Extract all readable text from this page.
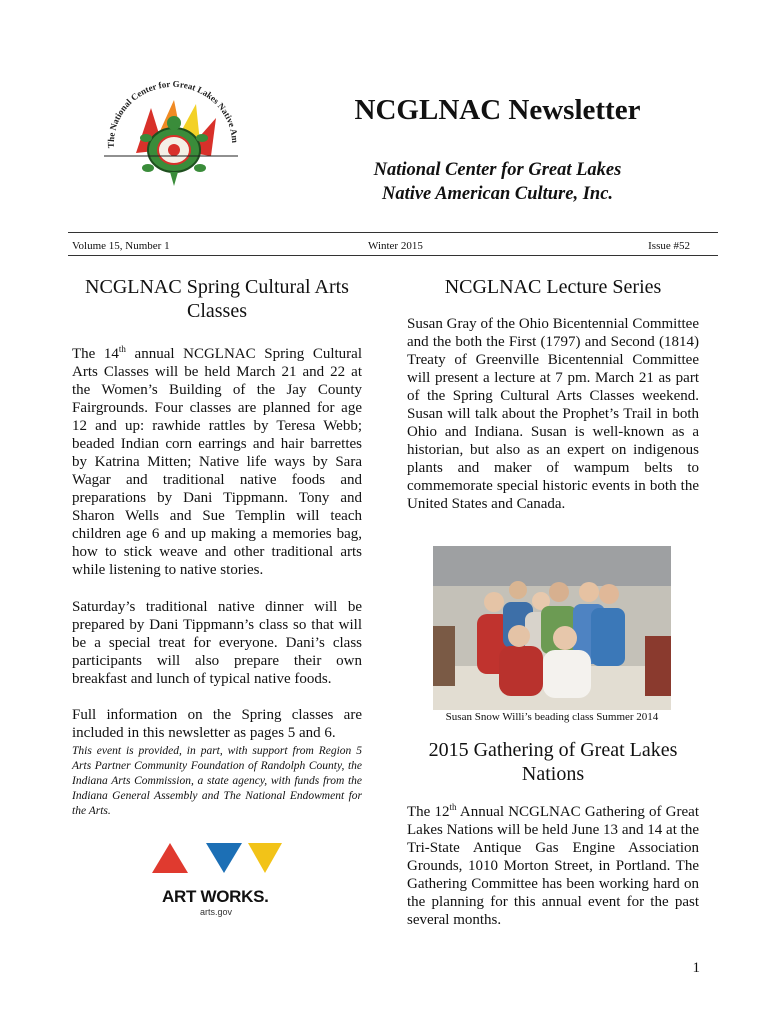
The National Center for Great Lakes Native Am
NCGLNAC Newsletter
National Center for Great Lakes
Native American Culture, Inc.
Volume 15, Number 1	Winter 2015	Issue #52
NCGLNAC Spring Cultural Arts Classes

The 14th annual NCGLNAC Spring Cultural Arts Classes will be held March 21 and 22 at the Women’s Building of the Jay County Fairgrounds. Four classes are planned for age 12 and up: rawhide rattles by Teresa Webb; beaded Indian corn earrings and hair barrettes by Katrina Mitten; Native life ways by Sara Wagar and traditional native foods and preparations by Dani Tippmann. Tony and Sharon Wells and Sue Templin will teach children age 6 and up making a memories bag, how to stick weave and other traditional arts while listening to native stories.

Saturday’s traditional native dinner will be prepared by Dani Tippmann’s class so that will be a special treat for everyone. Dani’s class participants will also prepare their own breakfast and lunch of typical native foods.

Full information on the Spring classes are included in this newsletter as pages 5 and 6.

This event is provided, in part, with support from Region 5 Arts Partner Community Foundation of Randolph County, the Indiana Arts Commission, a state agency, with funds from the Indiana General Assembly and The National Endowment for the Arts.

ART WORKS.
arts.gov
NCGLNAC Lecture Series

Susan Gray of the Ohio Bicentennial Committee and the both the First (1797) and Second (1814) Treaty of Greenville Bicentennial Committee will present a lecture at 7 pm. March 21 as part of the Spring Cultural Arts Classes weekend. Susan will talk about the Prophet’s Trail in both Ohio and Indiana. Susan is well-known as a historian, but also as an expert on indigenous plants and maker of wampum belts to commemorate special historic events in both the United States and Canada.

Susan Snow Willi’s beading class Summer 2014
2015 Gathering of Great Lakes Nations

The 12th Annual NCGLNAC Gathering of Great Lakes Nations will be held June 13 and 14 at the Tri-State Antique Gas Engine Association Grounds, 1010 Morton Street, in Portland. The Gathering Committee has been working hard on the planning for this annual event for the past several months.

1
